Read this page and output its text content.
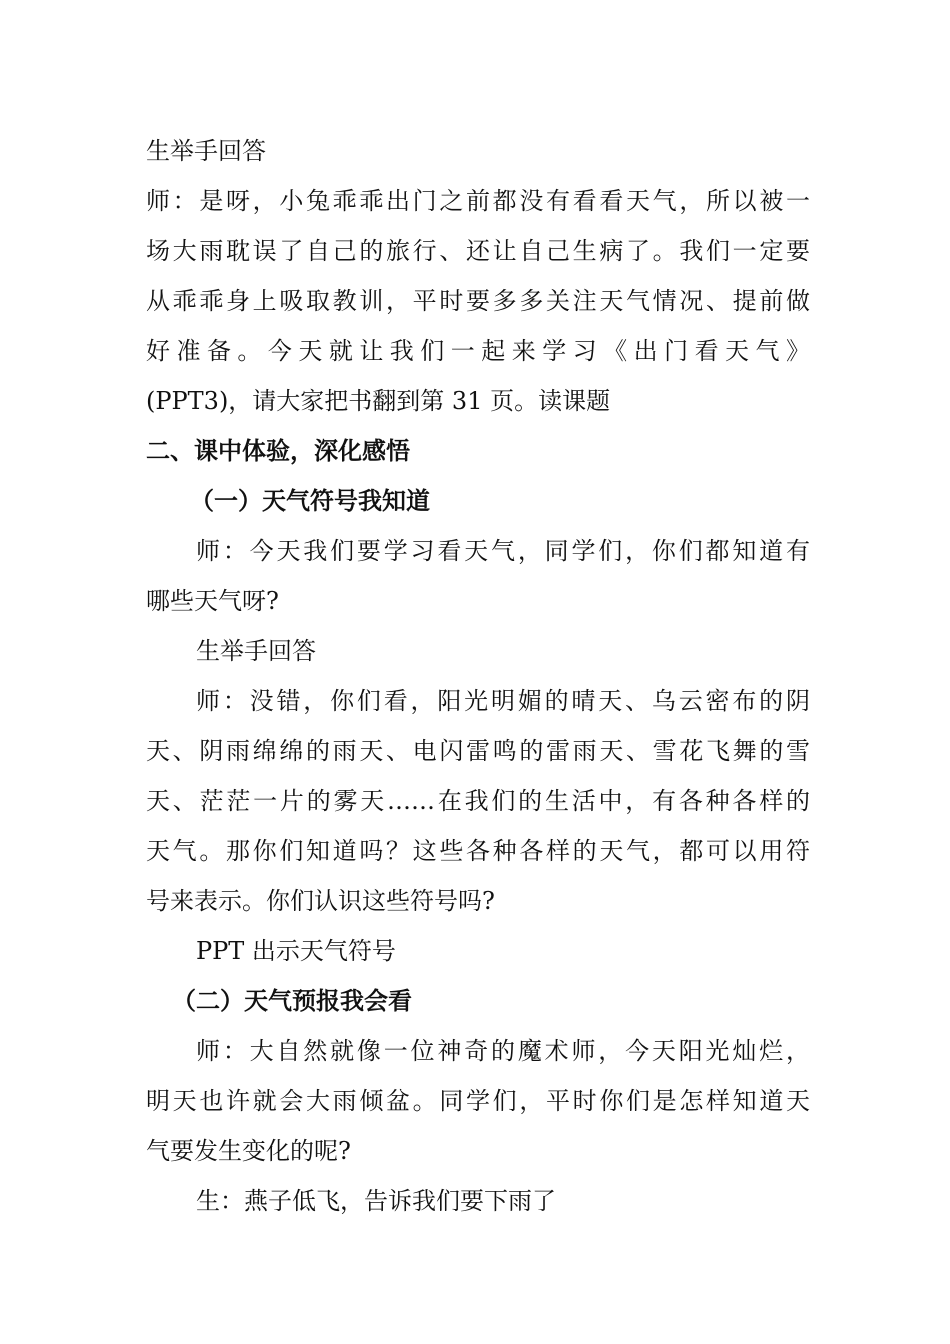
生举手回答
师：是呀，小兔乖乖出门之前都没有看看天气，所以被一
场大雨耽误了自己的旅行、还让自己生病了。我们一定要
从乖乖身上吸取教训，平时要多多关注天气情况、提前做
好准备。今天就让我们一起来学习《出门看天气》
(PPT3)，请大家把书翻到第 31 页。读课题
二、课中体验，深化感悟
（一）天气符号我知道
师：今天我们要学习看天气，同学们，你们都知道有
哪些天气呀?
生举手回答
师：没错，你们看，阳光明媚的晴天、乌云密布的阴
天、阴雨绵绵的雨天、电闪雷鸣的雷雨天、雪花飞舞的雪
天、茫茫一片的雾天……在我们的生活中，有各种各样的
天气。那你们知道吗？这些各种各样的天气，都可以用符
号来表示。你们认识这些符号吗?
PPT 出示天气符号
（二）天气预报我会看
师：大自然就像一位神奇的魔术师，今天阳光灿烂，
明天也许就会大雨倾盆。同学们，平时你们是怎样知道天
气要发生变化的呢?
生：燕子低飞，告诉我们要下雨了
